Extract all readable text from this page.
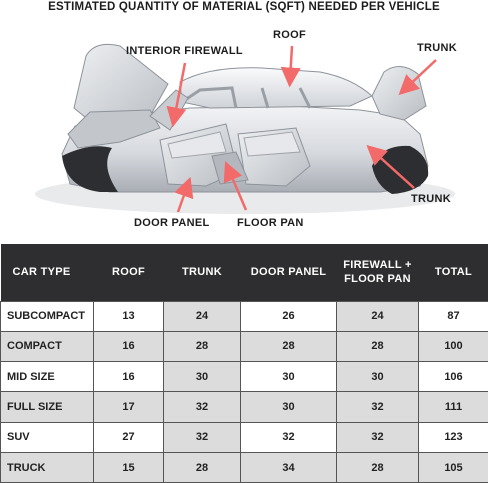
ESTIMATED QUANTITY OF MATERIAL (SQFT) NEEDED PER VEHICLE
INTERIOR FIREWALL
ROOF
TRUNK
TRUNK
DOOR PANEL FLOOR PAN
CAR TYPE	ROOF	TRUNK	DOOR PANEL	FIREWALL + FLOOR PAN	TOTAL
SUBCOMPACT	13	24	26	24	87
COMPACT	16	28	28	28	100
MID SIZE	16	30	30	30	106
FULL SIZE	17	32	30	32	111
SUV	27	32	32	32	123
TRUCK	15	28	34	28	105
